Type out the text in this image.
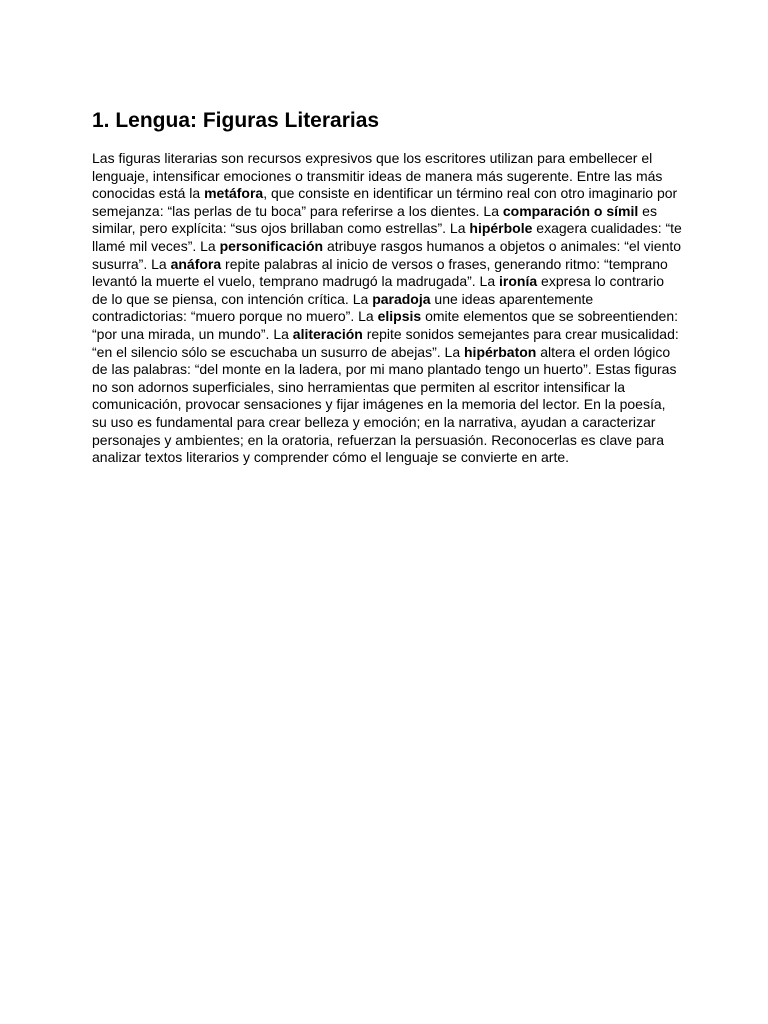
1. Lengua: Figuras Literarias

Las figuras literarias son recursos expresivos que los escritores utilizan para embellecer el lenguaje, intensificar emociones o transmitir ideas de manera más sugerente. Entre las más conocidas está la metáfora, que consiste en identificar un término real con otro imaginario por semejanza: “las perlas de tu boca” para referirse a los dientes. La comparación o símil es similar, pero explícita: “sus ojos brillaban como estrellas”. La hipérbole exagera cualidades: “te llamé mil veces”. La personificación atribuye rasgos humanos a objetos o animales: “el viento susurra”. La anáfora repite palabras al inicio de versos o frases, generando ritmo: “temprano levantó la muerte el vuelo, temprano madrugó la madrugada”. La ironía expresa lo contrario de lo que se piensa, con intención crítica. La paradoja une ideas aparentemente contradictorias: “muero porque no muero”. La elipsis omite elementos que se sobreentienden: “por una mirada, un mundo”. La aliteración repite sonidos semejantes para crear musicalidad: “en el silencio sólo se escuchaba un susurro de abejas”. La hipérbaton altera el orden lógico de las palabras: “del monte en la ladera, por mi mano plantado tengo un huerto”. Estas figuras no son adornos superficiales, sino herramientas que permiten al escritor intensificar la comunicación, provocar sensaciones y fijar imágenes en la memoria del lector. En la poesía, su uso es fundamental para crear belleza y emoción; en la narrativa, ayudan a caracterizar personajes y ambientes; en la oratoria, refuerzan la persuasión. Reconocerlas es clave para analizar textos literarios y comprender cómo el lenguaje se convierte en arte.
